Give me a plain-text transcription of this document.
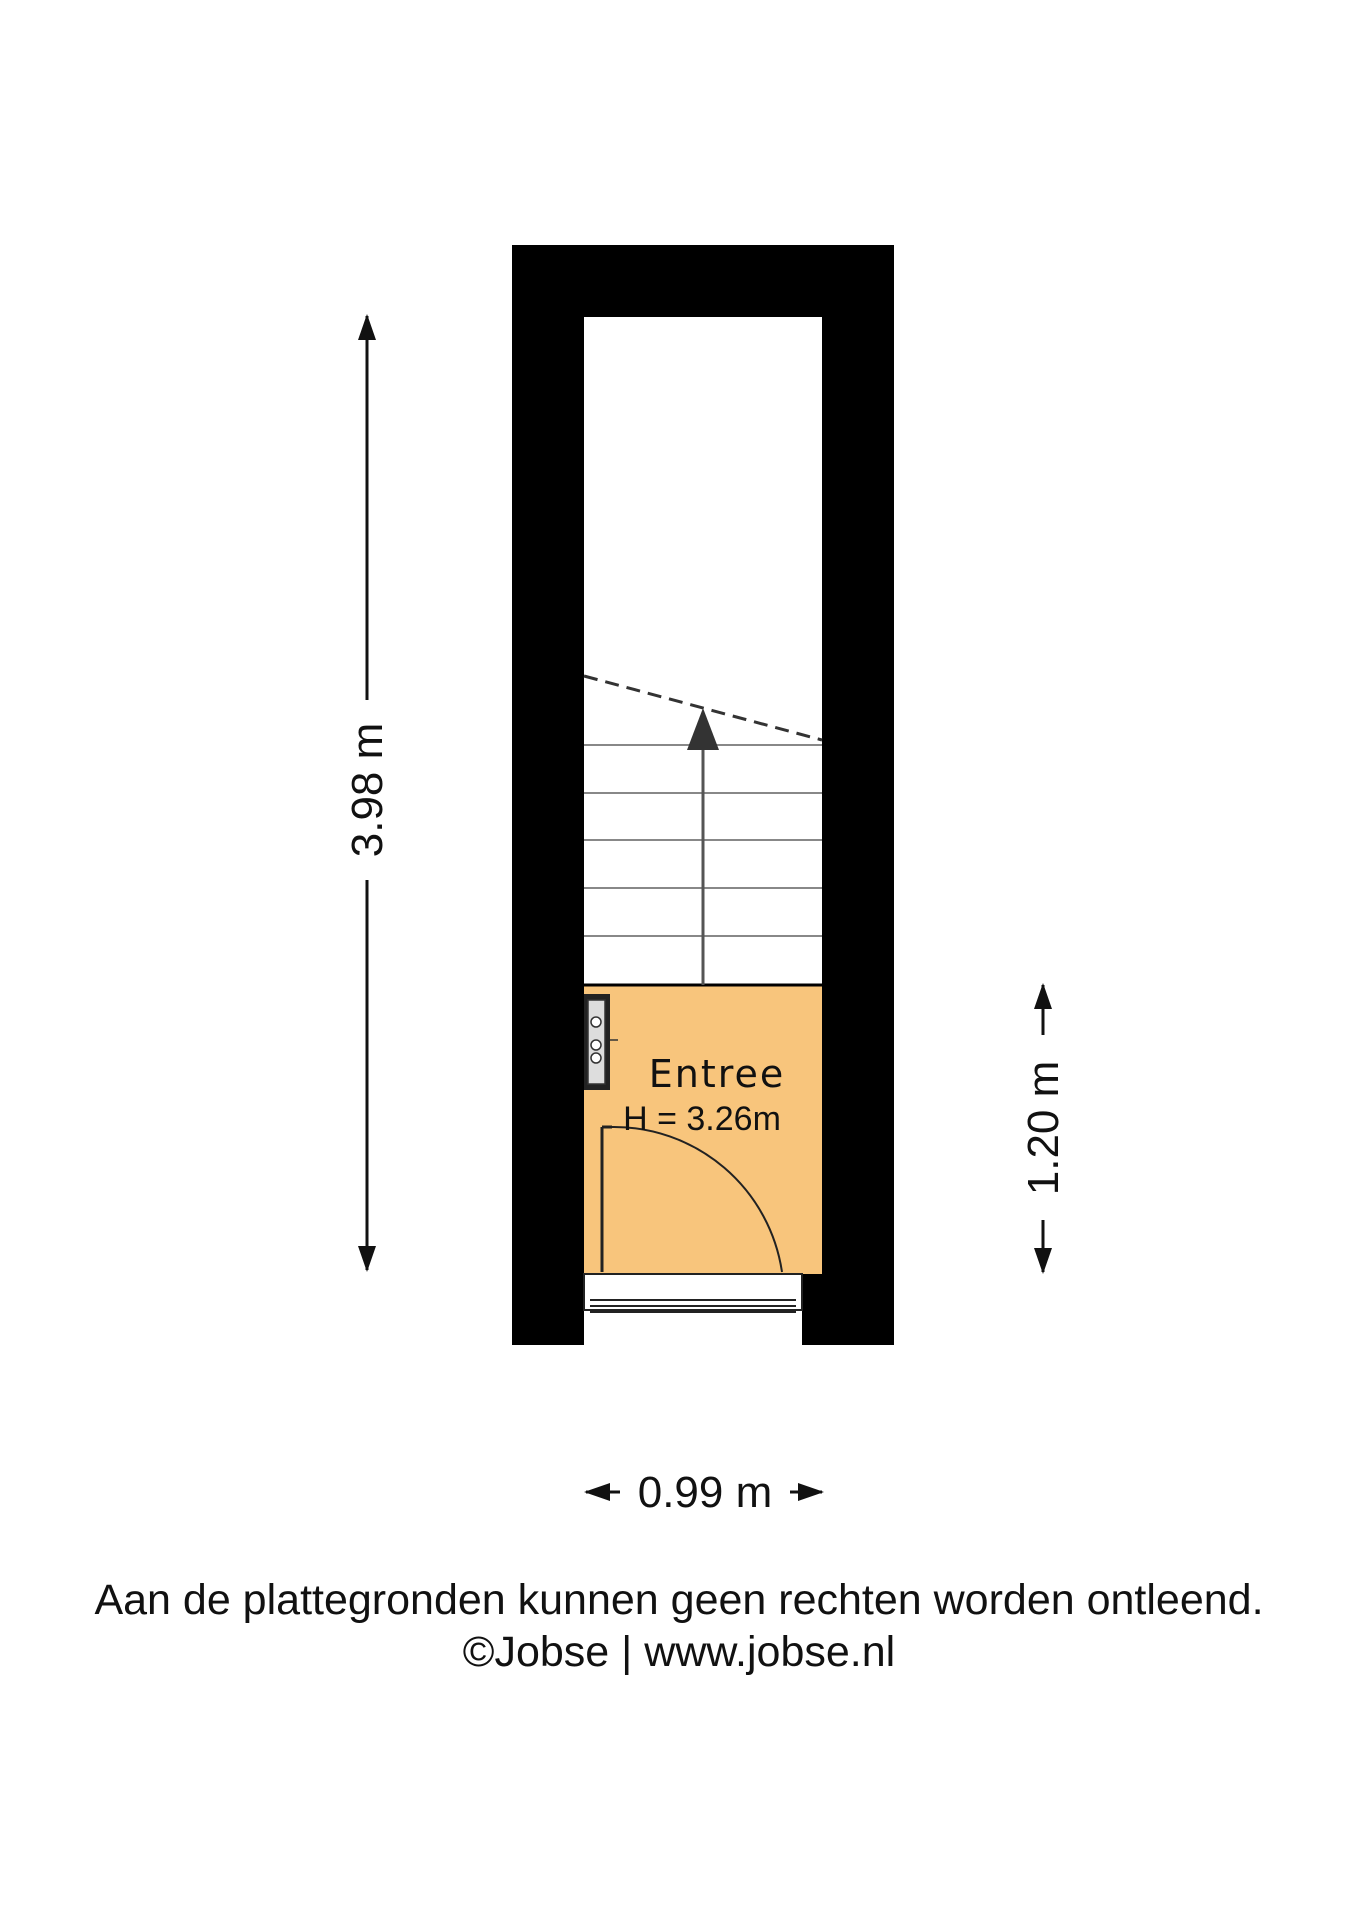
Entree
H = 3.26m
3.98 m
1.20 m
0.99 m
Aan de plattegronden kunnen geen rechten worden ontleend.
©Jobse | www.jobse.nl
